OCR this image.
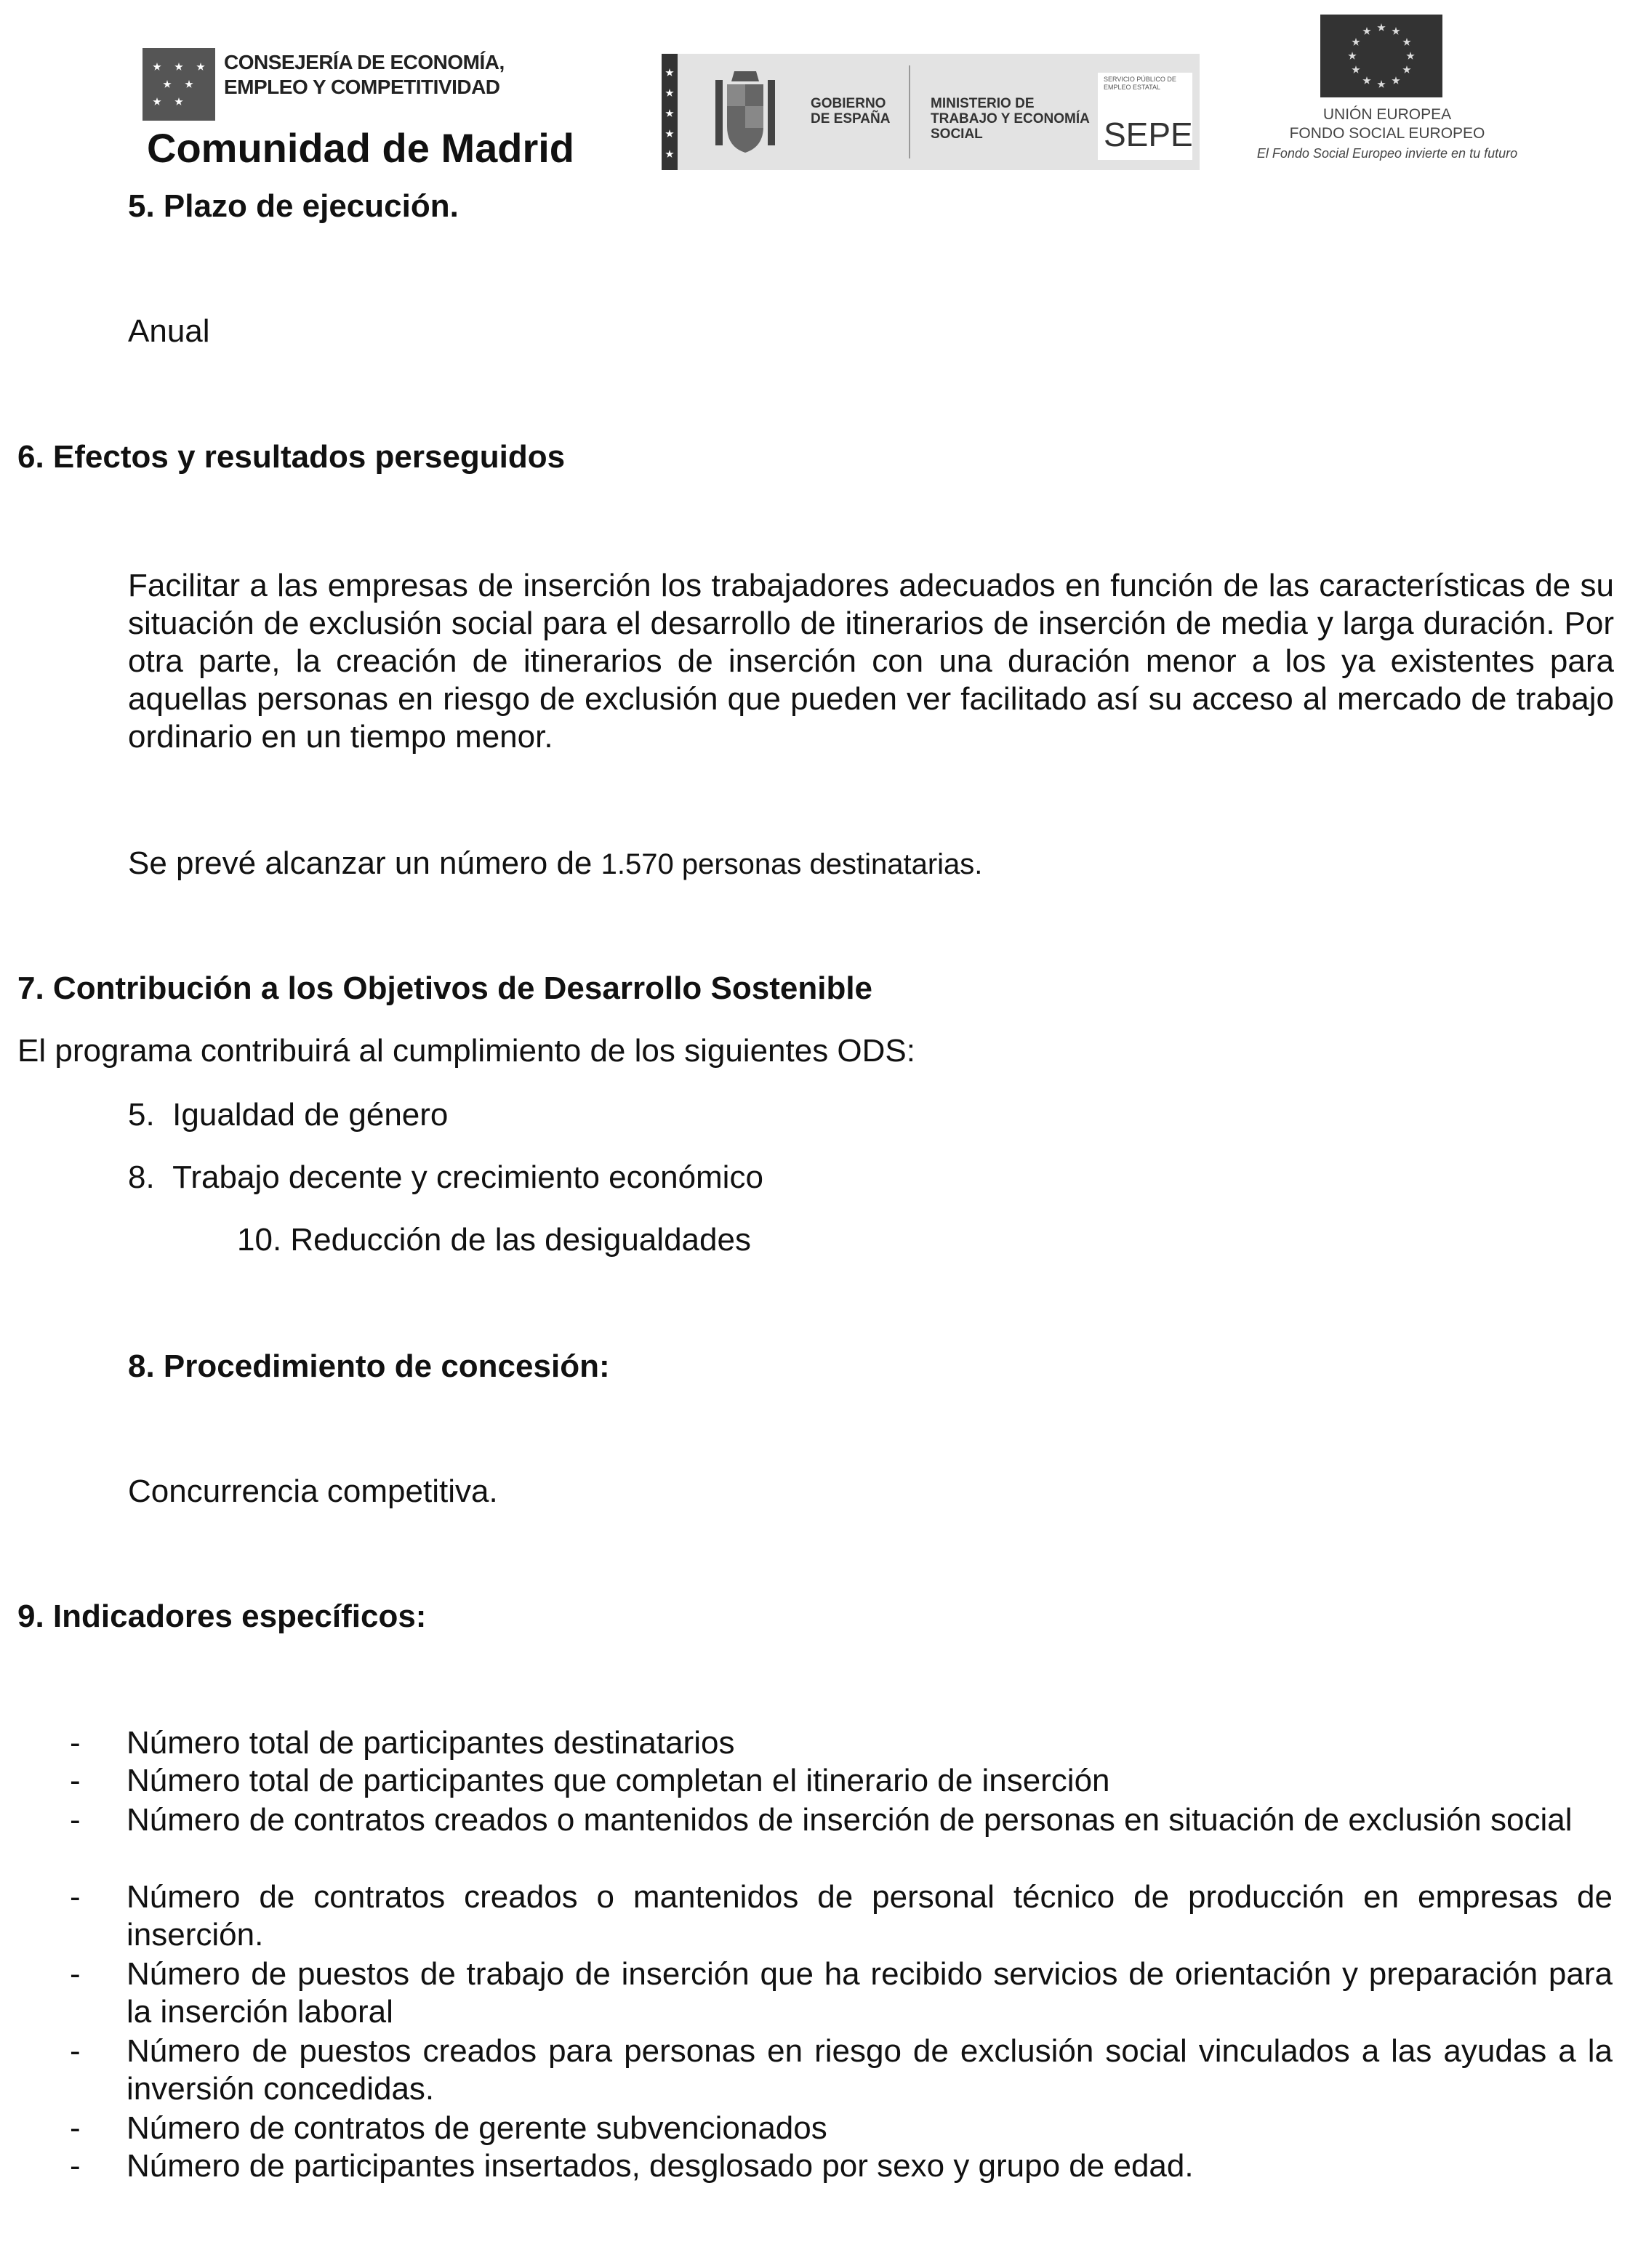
CONSEJERÍA DE ECONOMÍA,
EMPLEO Y COMPETITIVIDAD
Comunidad de Madrid
GOBIERNO DE ESPAÑA
MINISTERIO DE TRABAJO Y ECONOMÍA SOCIAL
SERVICIO PÚBLICO DE EMPLEO ESTATAL
SEPE
UNIÓN EUROPEA
FONDO SOCIAL EUROPEO
El Fondo Social Europeo invierte en tu futuro
5. Plazo de ejecución.
Anual
6. Efectos y resultados perseguidos
Facilitar a las empresas de inserción los trabajadores adecuados en función de las características de su situación de exclusión social para el desarrollo de itinerarios de inserción de media y larga duración. Por otra parte, la creación de itinerarios de inserción con una duración menor a los ya existentes para aquellas personas en riesgo de exclusión que pueden ver facilitado así su acceso al mercado de trabajo ordinario en un tiempo menor.
Se prevé alcanzar un número de 1.570 personas destinatarias.
7. Contribución a los Objetivos de Desarrollo Sostenible
El programa contribuirá al cumplimiento de los siguientes ODS:
5. Igualdad de género
8. Trabajo decente y crecimiento económico
10. Reducción de las desigualdades
8. Procedimiento de concesión:
Concurrencia competitiva.
9. Indicadores específicos:
- Número total de participantes destinatarios
- Número total de participantes que completan el itinerario de inserción
- Número de contratos creados o mantenidos de inserción de personas en situación de exclusión social
- Número de contratos creados o mantenidos de personal técnico de producción en empresas de inserción.
- Número de puestos de trabajo de inserción que ha recibido servicios de orientación y preparación para la inserción laboral
- Número de puestos creados para personas en riesgo de exclusión social vinculados a las ayudas a la inversión concedidas.
- Número de contratos de gerente subvencionados
- Número de participantes insertados, desglosado por sexo y grupo de edad.
